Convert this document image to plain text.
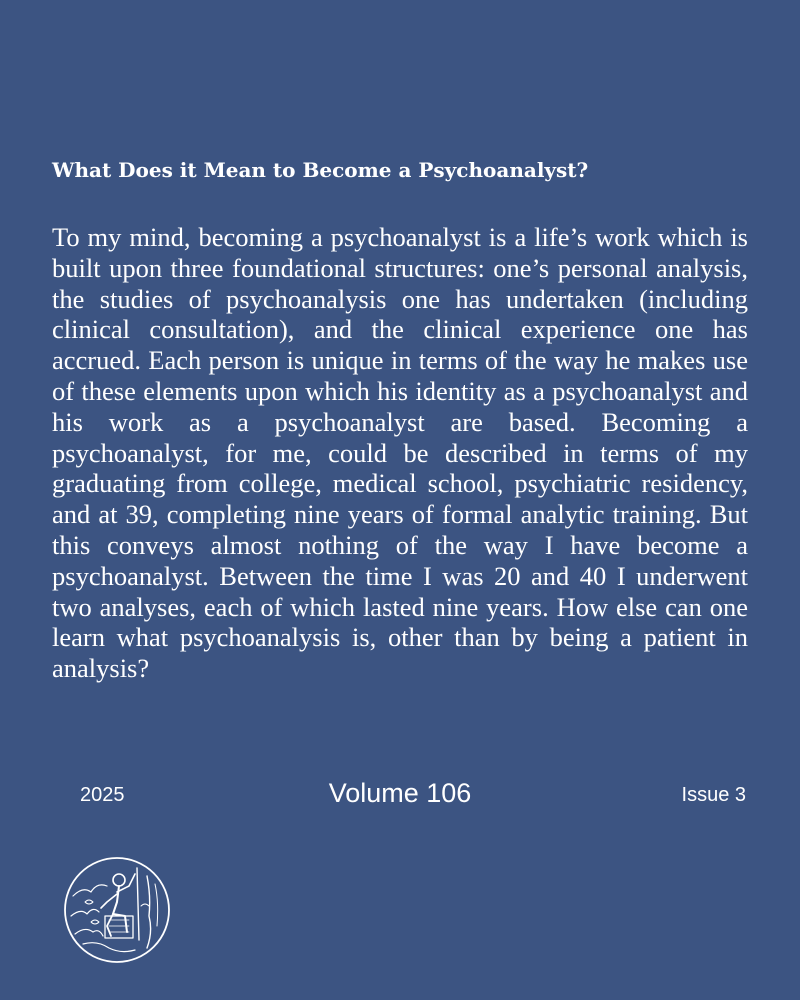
What Does it Mean to Become a Psychoanalyst?

To my mind, becoming a psychoanalyst is a life’s work which is built upon three foundational structures: one’s personal analysis, the studies of psychoanalysis one has undertaken (including clinical consultation), and the clinical experience one has accrued. Each person is unique in terms of the way he makes use of these elements upon which his identity as a psychoanalyst and his work as a psychoanalyst are based. Becoming a psychoanalyst, for me, could be described in terms of my graduating from college, medical school, psychiatric residency, and at 39, completing nine years of formal analytic training. But this conveys almost nothing of the way I have become a psychoanalyst. Between the time I was 20 and 40 I underwent two analyses, each of which lasted nine years. How else can one learn what psychoanalysis is, other than by being a patient in analysis?

2025	Volume 106	Issue 3
